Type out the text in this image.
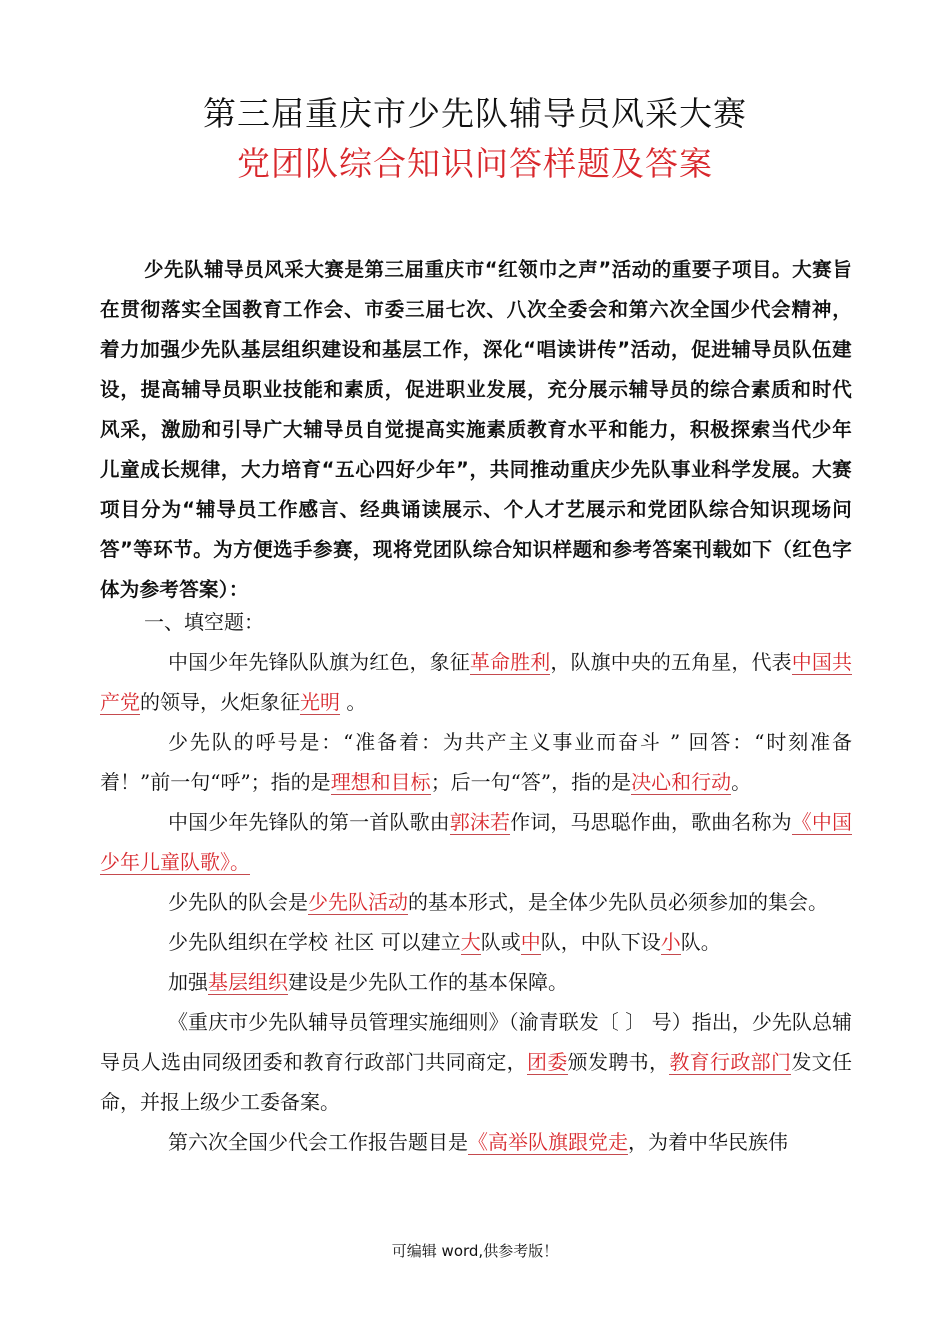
第三届重庆市少先队辅导员风采大赛
党团队综合知识问答样题及答案
少先队辅导员风采大赛是第三届重庆市“红领巾之声”活动的重要子项目。大赛旨在贯彻落实全国教育工作会、市委三届七次、八次全委会和第六次全国少代会精神，着力加强少先队基层组织建设和基层工作，深化“唱读讲传”活动，促进辅导员队伍建设，提高辅导员职业技能和素质，促进职业发展，充分展示辅导员的综合素质和时代风采，激励和引导广大辅导员自觉提高实施素质教育水平和能力，积极探索当代少年儿童成长规律，大力培育“五心四好少年”，共同推动重庆少先队事业科学发展。大赛项目分为“辅导员工作感言、经典诵读展示、个人才艺展示和党团队综合知识现场问答”等环节。为方便选手参赛，现将党团队综合知识样题和参考答案刊载如下（红色字体为参考答案）：

一、填空题：

中国少年先锋队队旗为红色，象征革命胜利，队旗中央的五角星，代表中国共产党的领导，火炬象征光明 。

少先队的呼号是：“准备着：为共产主义事业而奋斗 ” 回答：“时刻准备着！”前一句“呼”；指的是理想和目标；后一句“答”，指的是决心和行动。

中国少年先锋队的第一首队歌由郭沫若作词，马思聪作曲，歌曲名称为《中国少年儿童队歌》。

少先队的队会是少先队活动的基本形式，是全体少先队员必须参加的集会。

少先队组织在学校 社区 可以建立大队或中队，中队下设小队。

加强基层组织建设是少先队工作的基本保障。

《重庆市少先队辅导员管理实施细则》（渝青联发〔 〕 号）指出，少先队总辅导员人选由同级团委和教育行政部门共同商定，团委颁发聘书，教育行政部门发文任命，并报上级少工委备案。

第六次全国少代会工作报告题目是《高举队旗跟党走，为着中华民族伟

可编辑 word,供参考版！
